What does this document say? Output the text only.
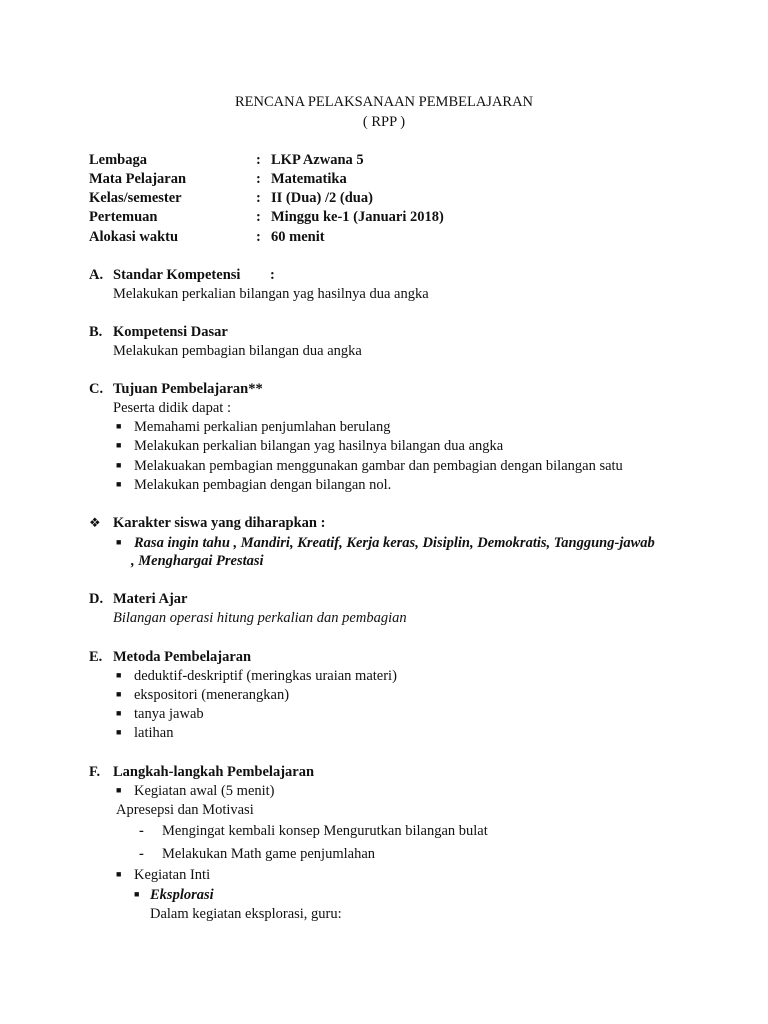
RENCANA PELAKSANAAN PEMBELAJARAN
( RPP )
Lembaga	: LKP Azwana 5
Mata Pelajaran	: Matematika
Kelas/semester	: II (Dua) /2 (dua)
Pertemuan	: Minggu ke-1 (Januari 2018)
Alokasi waktu	: 60 menit
A. Standar Kompetensi :
Melakukan perkalian bilangan yag hasilnya dua angka
B. Kompetensi Dasar
Melakukan pembagian bilangan dua angka
C. Tujuan Pembelajaran**
Peserta didik dapat :
■ Memahami perkalian penjumlahan berulang
■ Melakukan perkalian bilangan yag hasilnya bilangan dua angka
■ Melakuakan pembagian menggunakan gambar dan pembagian dengan bilangan satu
■ Melakukan pembagian dengan bilangan nol.
❖ Karakter siswa yang diharapkan :
■ Rasa ingin tahu , Mandiri, Kreatif, Kerja keras, Disiplin, Demokratis, Tanggung-jawab
, Menghargai Prestasi
D. Materi Ajar
Bilangan operasi hitung perkalian dan pembagian
E. Metoda Pembelajaran
■ deduktif-deskriptif (meringkas uraian materi)
■ ekspositori (menerangkan)
■ tanya jawab
■ latihan
F. Langkah-langkah Pembelajaran
■ Kegiatan awal (5 menit)
Apresepsi dan Motivasi
- Mengingat kembali konsep Mengurutkan bilangan bulat
- Melakukan Math game penjumlahan
■ Kegiatan Inti
■ Eksplorasi
Dalam kegiatan eksplorasi, guru:
